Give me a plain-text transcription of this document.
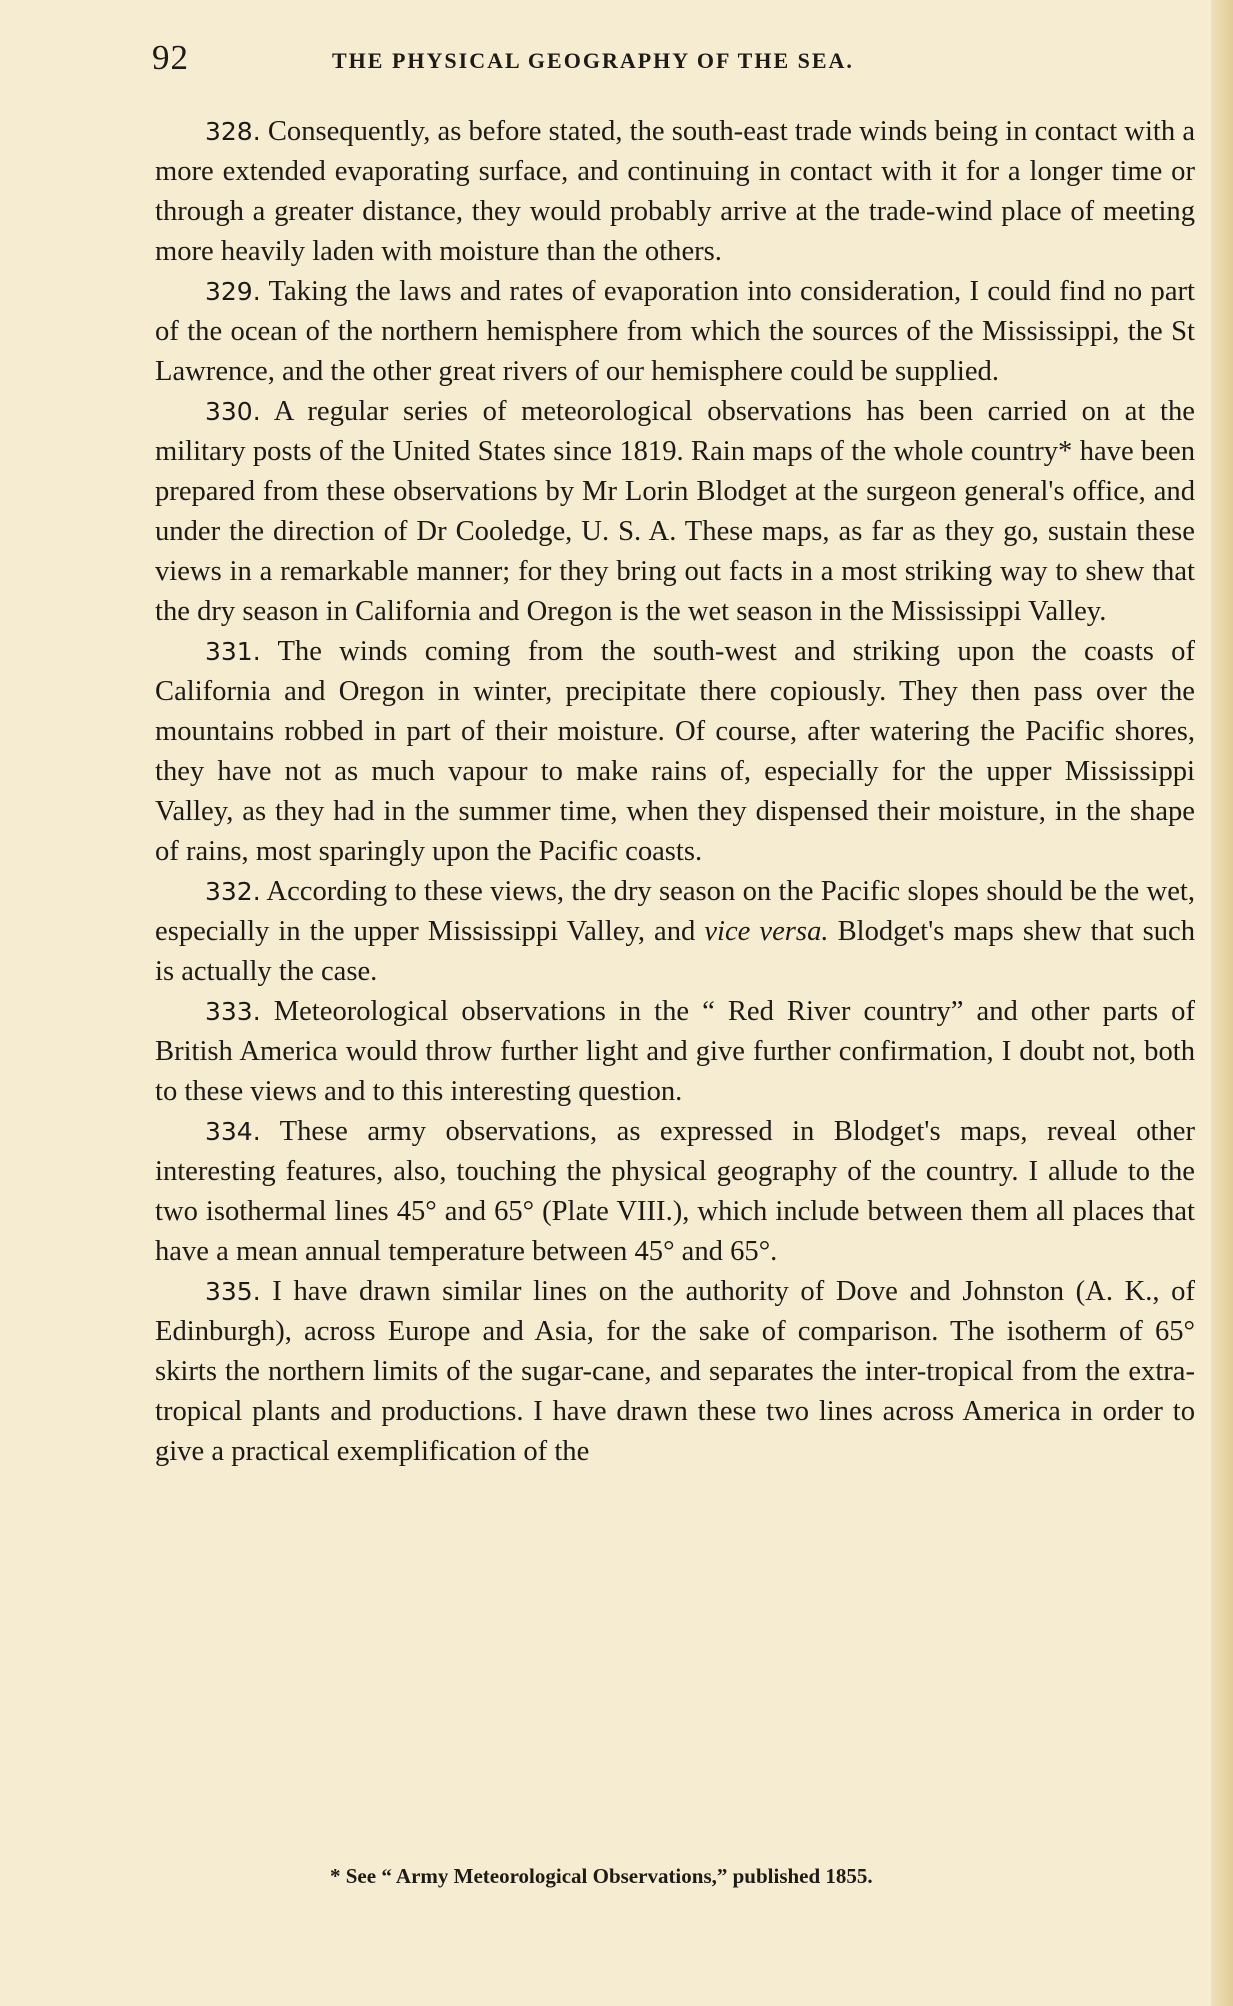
92	THE PHYSICAL GEOGRAPHY OF THE SEA.

328. Consequently, as before stated, the south-east trade winds being in contact with a more extended evaporating surface, and continuing in contact with it for a longer time or through a greater distance, they would probably arrive at the trade-wind place of meeting more heavily laden with moisture than the others.

329. Taking the laws and rates of evaporation into consideration, I could find no part of the ocean of the northern hemisphere from which the sources of the Mississippi, the St Lawrence, and the other great rivers of our hemisphere could be supplied.

330. A regular series of meteorological observations has been carried on at the military posts of the United States since 1819. Rain maps of the whole country* have been prepared from these observations by Mr Lorin Blodget at the surgeon general's office, and under the direction of Dr Cooledge, U. S. A. These maps, as far as they go, sustain these views in a remarkable manner; for they bring out facts in a most striking way to shew that the dry season in California and Oregon is the wet season in the Mississippi Valley.

331. The winds coming from the south-west and striking upon the coasts of California and Oregon in winter, precipitate there copiously. They then pass over the mountains robbed in part of their moisture. Of course, after watering the Pacific shores, they have not as much vapour to make rains of, especially for the upper Mississippi Valley, as they had in the summer time, when they dispensed their moisture, in the shape of rains, most sparingly upon the Pacific coasts.

332. According to these views, the dry season on the Pacific slopes should be the wet, especially in the upper Mississippi Valley, and vice versa. Blodget's maps shew that such is actually the case.

333. Meteorological observations in the “ Red River country” and other parts of British America would throw further light and give further confirmation, I doubt not, both to these views and to this interesting question.

334. These army observations, as expressed in Blodget's maps, reveal other interesting features, also, touching the physical geography of the country. I allude to the two isothermal lines 45° and 65° (Plate VIII.), which include between them all places that have a mean annual temperature between 45° and 65°.

335. I have drawn similar lines on the authority of Dove and Johnston (A. K., of Edinburgh), across Europe and Asia, for the sake of comparison. The isotherm of 65° skirts the northern limits of the sugar-cane, and separates the inter-tropical from the extra-tropical plants and productions. I have drawn these two lines across America in order to give a practical exemplification of the

* See “ Army Meteorological Observations,” published 1855.
